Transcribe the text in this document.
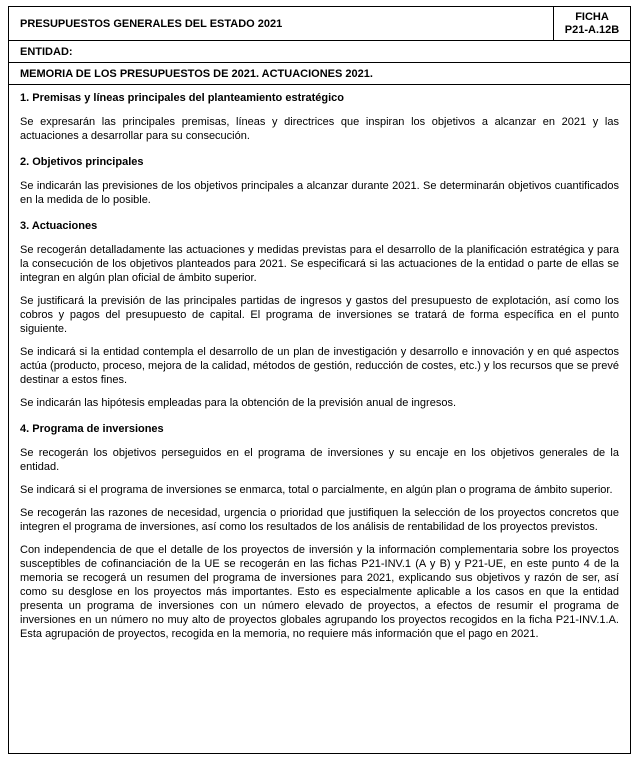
PRESUPUESTOS GENERALES DEL ESTADO 2021
FICHA
P21-A.12B
ENTIDAD:
MEMORIA DE LOS PRESUPUESTOS DE 2021. ACTUACIONES 2021.
1. Premisas y líneas principales del planteamiento estratégico

Se expresarán las principales premisas, líneas y directrices que inspiran los objetivos a alcanzar en 2021 y las actuaciones a desarrollar para su consecución.

2. Objetivos principales

Se indicarán las previsiones de los objetivos principales a alcanzar durante 2021. Se determinarán objetivos cuantificados en la medida de lo posible.

3. Actuaciones

Se recogerán detalladamente las actuaciones y medidas previstas para el desarrollo de la planificación estratégica y para la consecución de los objetivos planteados para 2021. Se especificará si las actuaciones de la entidad o parte de ellas se integran en algún plan oficial de ámbito superior.

Se justificará la previsión de las principales partidas de ingresos y gastos del presupuesto de explotación, así como los cobros y pagos del presupuesto de capital. El programa de inversiones se tratará de forma específica en el punto siguiente.

Se indicará si la entidad contempla el desarrollo de un plan de investigación y desarrollo e innovación y en qué aspectos actúa (producto, proceso, mejora de la calidad, métodos de gestión, reducción de costes, etc.) y los recursos que se prevé destinar a estos fines.

Se indicarán las hipótesis empleadas para la obtención de la previsión anual de ingresos.

4. Programa de inversiones

Se recogerán los objetivos perseguidos en el programa de inversiones y su encaje en los objetivos generales de la entidad.

Se indicará si el programa de inversiones se enmarca, total o parcialmente, en algún plan o programa de ámbito superior.

Se recogerán las razones de necesidad, urgencia o prioridad que justifiquen la selección de los proyectos concretos que integren el programa de inversiones, así como los resultados de los análisis de rentabilidad de los proyectos previstos.

Con independencia de que el detalle de los proyectos de inversión y la información complementaria sobre los proyectos susceptibles de cofinanciación de la UE se recogerán en las fichas P21-INV.1 (A y B) y P21-UE, en este punto 4 de la memoria se recogerá un resumen del programa de inversiones para 2021, explicando sus objetivos y razón de ser, así como su desglose en los proyectos más importantes. Esto es especialmente aplicable a los casos en que la entidad presenta un programa de inversiones con un número elevado de proyectos, a efectos de resumir el programa de inversiones en un número no muy alto de proyectos globales agrupando los proyectos recogidos en la ficha P21-INV.1.A. Esta agrupación de proyectos, recogida en la memoria, no requiere más información que el pago en 2021.
